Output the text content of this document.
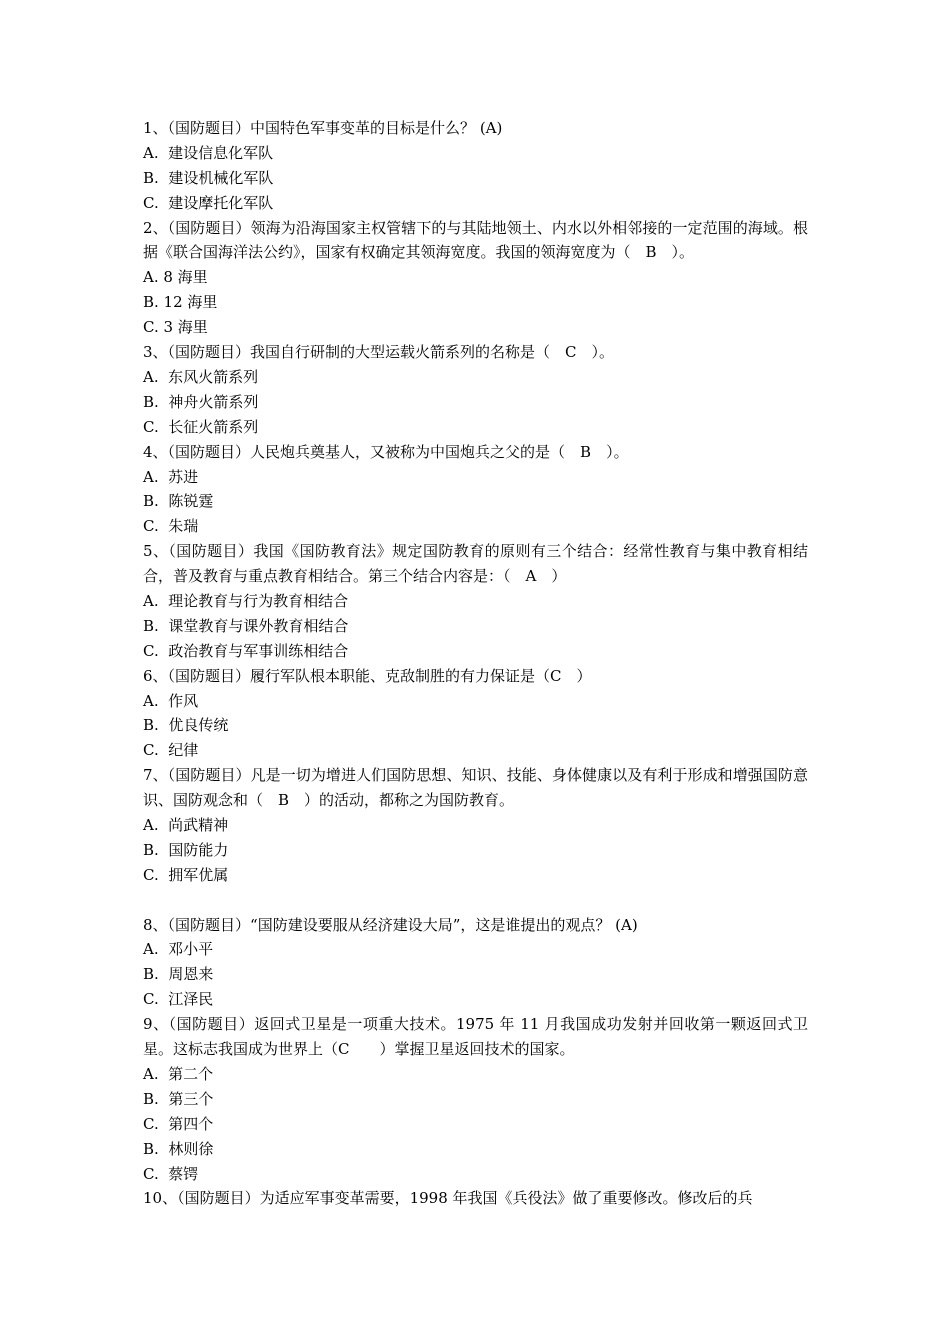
1、（国防题目）中国特色军事变革的目标是什么？ (A)
A.  建设信息化军队
B.  建设机械化军队
C.  建设摩托化军队
2、（国防题目）领海为沿海国家主权管辖下的与其陆地领土、内水以外相邻接的一定范围的海域。根据《联合国海洋法公约》，国家有权确定其领海宽度。我国的领海宽度为（　B　）。
A. 8 海里
B. 12 海里
C. 3 海里
3、（国防题目）我国自行研制的大型运载火箭系列的名称是（　C　）。
A.  东风火箭系列
B.  神舟火箭系列
C.  长征火箭系列
4、（国防题目）人民炮兵奠基人，又被称为中国炮兵之父的是（　B　）。
A.  苏进
B.  陈锐霆
C.  朱瑞
5、（国防题目）我国《国防教育法》规定国防教育的原则有三个结合：经常性教育与集中教育相结合，普及教育与重点教育相结合。第三个结合内容是：（　A　）
A.  理论教育与行为教育相结合
B.  课堂教育与课外教育相结合
C.  政治教育与军事训练相结合
6、（国防题目）履行军队根本职能、克敌制胜的有力保证是（C　）
A.  作风
B.  优良传统
C.  纪律
7、（国防题目）凡是一切为增进人们国防思想、知识、技能、身体健康以及有利于形成和增强国防意识、国防观念和（　B　）的活动，都称之为国防教育。
A.  尚武精神
B.  国防能力
C.  拥军优属
8、（国防题目）“国防建设要服从经济建设大局”，这是谁提出的观点？ (A)
A.  邓小平
B.  周恩来
C.  江泽民
9、（国防题目）返回式卫星是一项重大技术。1975 年 11 月我国成功发射并回收第一颗返回式卫星。这标志我国成为世界上（C　　）掌握卫星返回技术的国家。
A.  第二个
B.  第三个
C.  第四个
B.  林则徐
C.  蔡锷
10、（国防题目）为适应军事变革需要，1998 年我国《兵役法》做了重要修改。修改后的兵
